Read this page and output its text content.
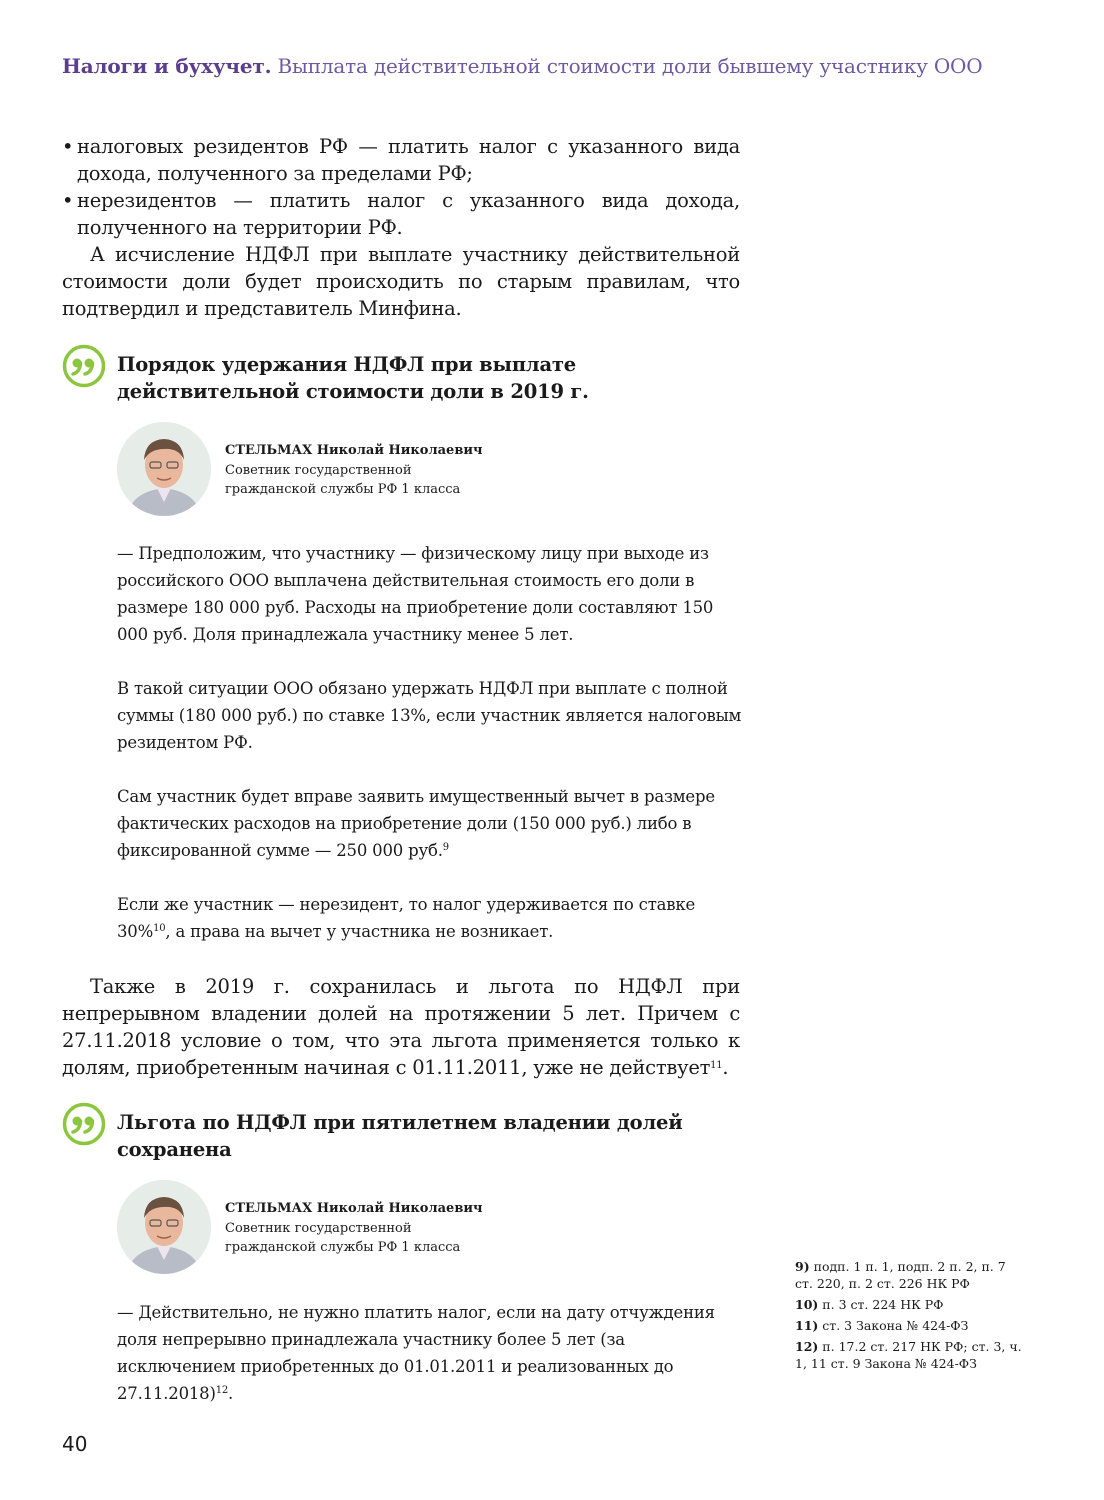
Налоги и бухучет. Выплата действительной стоимости доли бывшему участнику ООО
• налоговых резидентов РФ — платить налог с указанного вида дохода, полученного за пределами РФ;
• нерезидентов — платить налог с указанного вида дохода, полученного на территории РФ.
А исчисление НДФЛ при выплате участнику действительной стоимости доли будет происходить по старым правилам, что подтвердил и представитель Минфина.
Порядок удержания НДФЛ при выплате действительной стоимости доли в 2019 г.
СТЕЛЬМАХ Николай Николаевич
Советник государственной
гражданской службы РФ 1 класса

— Предположим, что участнику — физическому лицу при выходе из российского ООО выплачена действительная стоимость его доли в размере 180 000 руб. Расходы на приобретение доли составляют 150 000 руб. Доля принадлежала участнику менее 5 лет.

В такой ситуации ООО обязано удержать НДФЛ при выплате с полной суммы (180 000 руб.) по ставке 13%, если участник является налоговым резидентом РФ.

Сам участник будет вправе заявить имущественный вычет в размере фактических расходов на приобретение доли (150 000 руб.) либо в фиксированной сумме — 250 000 руб.$^9$

Если же участник — нерезидент, то налог удерживается по ставке 30%$^{10}$, а права на вычет у участника не возникает.

Также в 2019 г. сохранилась и льгота по НДФЛ при непрерывном владении долей на протяжении 5 лет. Причем с 27.11.2018 условие о том, что эта льгота применяется только к долям, приобретенным начиная с 01.11.2011, уже не действует$^{11}$.
Льгота по НДФЛ при пятилетнем владении долей сохранена
СТЕЛЬМАХ Николай Николаевич
Советник государственной
гражданской службы РФ 1 класса

— Действительно, не нужно платить налог, если на дату отчуждения доля непрерывно принадлежала участнику более 5 лет (за исключением приобретенных до 01.01.2011 и реализованных до 27.11.2018)$^{12}$.

9) подп. 1 п. 1, подп. 2 п. 2, п. 7 ст. 220, п. 2 ст. 226 НК РФ
10) п. 3 ст. 224 НК РФ
11) ст. 3 Закона № 424-ФЗ
12) п. 17.2 ст. 217 НК РФ; ст. 3, ч. 1, 11 ст. 9 Закона № 424-ФЗ
40
